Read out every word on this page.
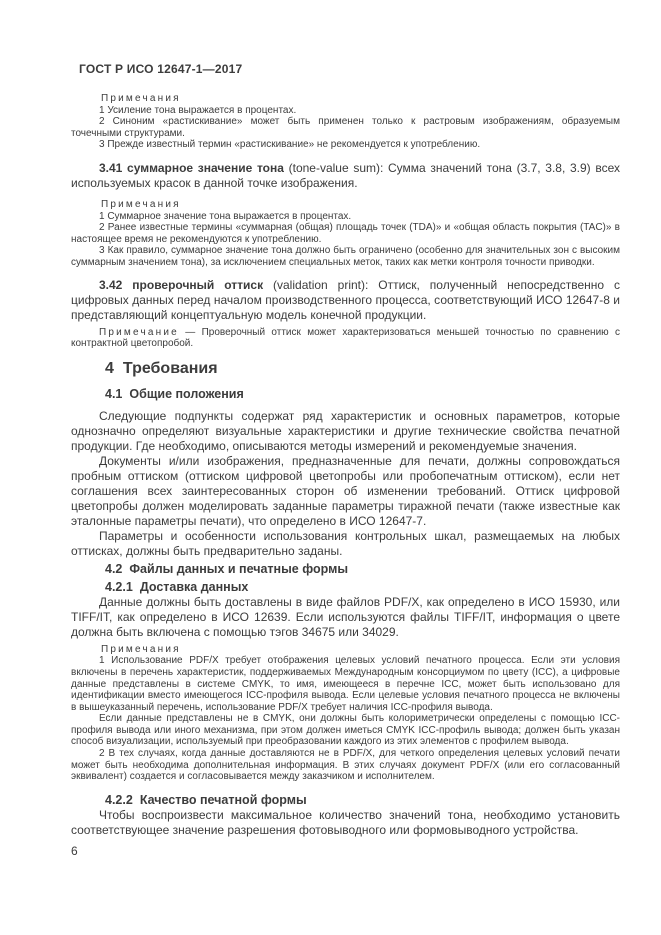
ГОСТ Р ИСО 12647-1—2017
Примечания
1 Усиление тона выражается в процентах.
2 Синоним «растискивание» может быть применен только к растровым изображениям, образуемым точечными структурами.
3 Прежде известный термин «растискивание» не рекомендуется к употреблению.
3.41 суммарное значение тона (tone-value sum): Сумма значений тона (3.7, 3.8, 3.9) всех используемых красок в данной точке изображения.
Примечания
1 Суммарное значение тона выражается в процентах.
2 Ранее известные термины «суммарная (общая) площадь точек (TDA)» и «общая область покрытия (TAC)» в настоящее время не рекомендуются к употреблению.
3 Как правило, суммарное значение тона должно быть ограничено (особенно для значительных зон с высоким суммарным значением тона), за исключением специальных меток, таких как метки контроля точности приводки.
3.42 проверочный оттиск (validation print): Оттиск, полученный непосредственно с цифровых данных перед началом производственного процесса, соответствующий ИСО 12647-8 и представляющий концептуальную модель конечной продукции.
Примечание — Проверочный оттиск может характеризоваться меньшей точностью по сравнению с контрактной цветопробой.
4 Требования
4.1 Общие положения
Следующие подпункты содержат ряд характеристик и основных параметров, которые однозначно определяют визуальные характеристики и другие технические свойства печатной продукции. Где необходимо, описываются методы измерений и рекомендуемые значения.
Документы и/или изображения, предназначенные для печати, должны сопровождаться пробным оттиском (оттиском цифровой цветопробы или пробопечатным оттиском), если нет соглашения всех заинтересованных сторон об изменении требований. Оттиск цифровой цветопробы должен моделировать заданные параметры тиражной печати (также известные как эталонные параметры печати), что определено в ИСО 12647-7.
Параметры и особенности использования контрольных шкал, размещаемых на любых оттисках, должны быть предварительно заданы.
4.2 Файлы данных и печатные формы
4.2.1 Доставка данных
Данные должны быть доставлены в виде файлов PDF/X, как определено в ИСО 15930, или TIFF/IT, как определено в ИСО 12639. Если используются файлы TIFF/IT, информация о цвете должна быть включена с помощью тэгов 34675 или 34029.
Примечания
1 Использование PDF/X требует отображения целевых условий печатного процесса. Если эти условия включены в перечень характеристик, поддерживаемых Международным консорциумом по цвету (ICC), а цифровые данные представлены в системе CMYK, то имя, имеющееся в перечне ICC, может быть использовано для идентификации вместо имеющегося ICC-профиля вывода. Если целевые условия печатного процесса не включены в вышеуказанный перечень, использование PDF/X требует наличия ICC-профиля вывода.
Если данные представлены не в CMYK, они должны быть колориметрически определены с помощью ICC-профиля вывода или иного механизма, при этом должен иметься CMYK ICC-профиль вывода; должен быть указан способ визуализации, используемый при преобразовании каждого из этих элементов с профилем вывода.
2 В тех случаях, когда данные доставляются не в PDF/X, для четкого определения целевых условий печати может быть необходима дополнительная информация. В этих случаях документ PDF/X (или его согласованный эквивалент) создается и согласовывается между заказчиком и исполнителем.
4.2.2 Качество печатной формы
Чтобы воспроизвести максимальное количество значений тона, необходимо установить соответствующее значение разрешения фотовыводного или формовыводного устройства.
6
